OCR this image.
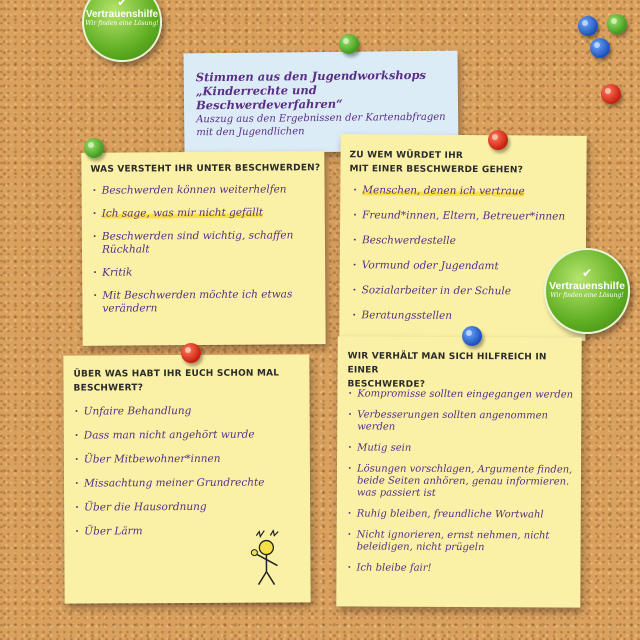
✔
Vertrauenshilfe
Wir finden eine Lösung!
Stimmen aus den Jugendworkshops
„Kinderrechte und Beschwerdeverfahren“
Auszug aus den Ergebnissen der Kartenabfragen mit den Jugendlichen

WAS VERSTEHT IHR UNTER BESCHWERDEN?

· Beschwerden können weiterhelfen
· Ich sage, was mir nicht gefällt
· Beschwerden sind wichtig, schaffen Rückhalt
· Kritik
· Mit Beschwerden möchte ich etwas verändern

ZU WEM WÜRDET IHR
MIT EINER BESCHWERDE GEHEN?

· Menschen, denen ich vertraue
· Freund*innen, Eltern, Betreuer*innen
· Beschwerdestelle
· Vormund oder Jugendamt
· Sozialarbeiter in der Schule
· Beratungsstellen
✔
Vertrauenshilfe
Wir finden eine Lösung!

ÜBER WAS HABT IHR EUCH SCHON MAL
BESCHWERT?

· Unfaire Behandlung
· Dass man nicht angehört wurde
· Über Mitbewohner*innen
· Missachtung meiner Grundrechte
· Über die Hausordnung
· Über Lärm

WIR VERHÄLT MAN SICH HILFREICH IN EINER
BESCHWERDE?

· Kompromisse sollten eingegangen werden
· Verbesserungen sollten angenommen werden
· Mutig sein
· Lösungen vorschlagen, Argumente finden, beide Seiten anhören, genau informieren. was passiert ist
· Ruhig bleiben, freundliche Wortwahl
· Nicht ignorieren, ernst nehmen, nicht beleidigen, nicht prügeln
· Ich bleibe fair!
